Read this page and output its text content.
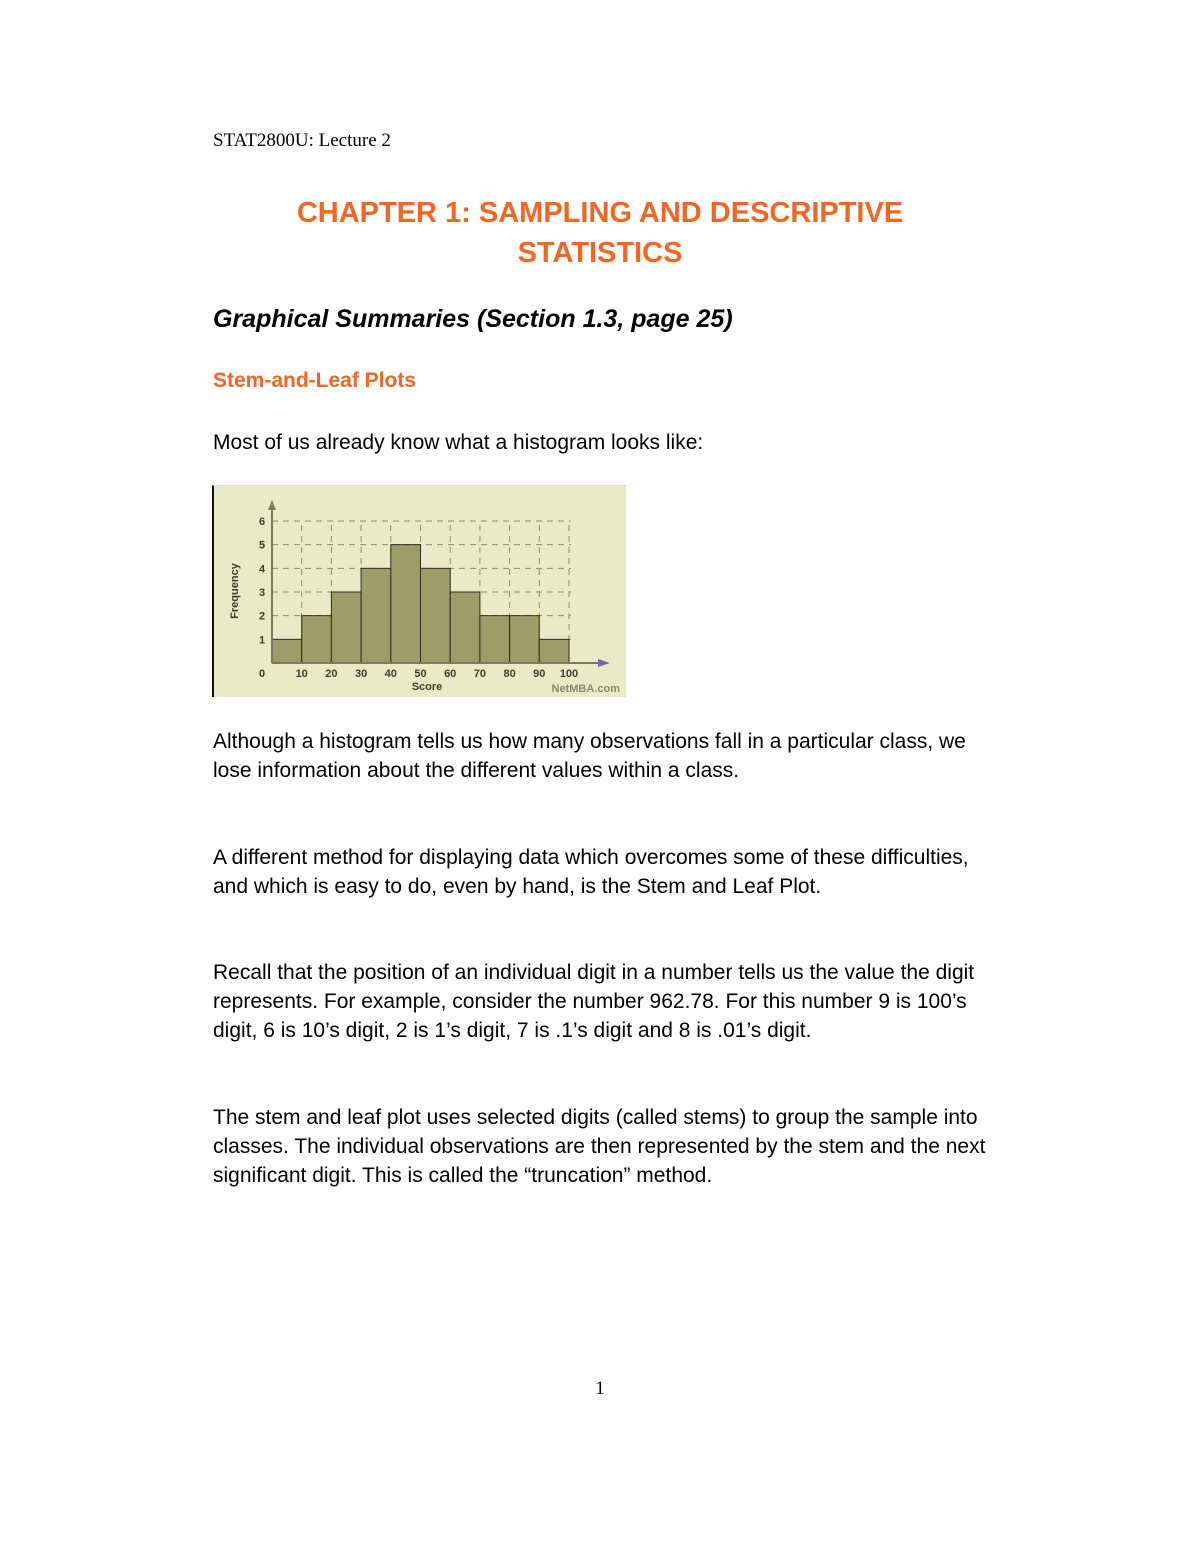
STAT2800U: Lecture 2
CHAPTER 1: SAMPLING AND DESCRIPTIVE
STATISTICS
Graphical Summaries (Section 1.3, page 25)
Stem-and-Leaf Plots
Most of us already know what a histogram looks like:
1
2
3
4
5
6
0	10 20 30 40 50 60 70 80 90 100
Score
Frequency
NetMBA.com
Although a histogram tells us how many observations fall in a particular class, we lose information about the different values within a class.
A different method for displaying data which overcomes some of these difficulties, and which is easy to do, even by hand, is the Stem and Leaf Plot.
Recall that the position of an individual digit in a number tells us the value the digit represents. For example, consider the number 962.78. For this number 9 is 100’s digit, 6 is 10’s digit, 2 is 1’s digit, 7 is .1’s digit and 8 is .01’s digit.
The stem and leaf plot uses selected digits (called stems) to group the sample into classes. The individual observations are then represented by the stem and the next significant digit. This is called the “truncation” method.
1
